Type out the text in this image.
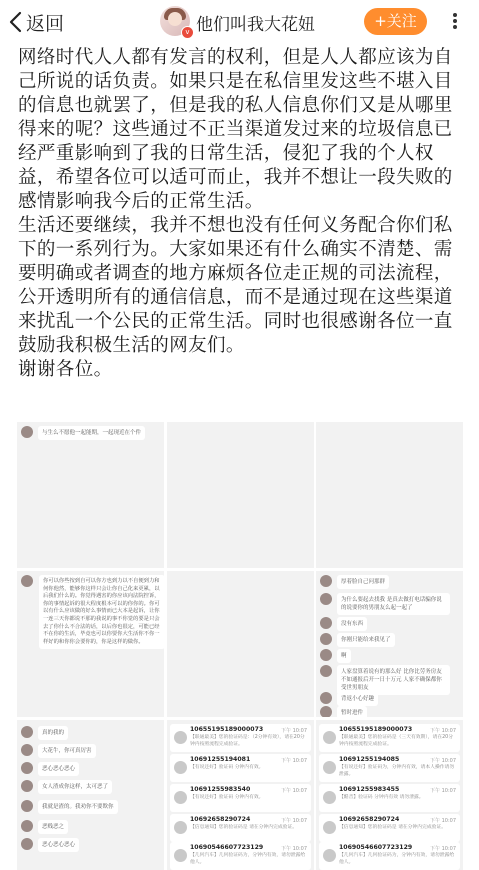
返回	v 他们叫我大花妞	+关注

网络时代人人都有发言的权利，但是人人都应该为自己所说的话负责。如果只是在私信里发这些不堪入目的信息也就罢了，但是我的私人信息你们又是从哪里得来的呢？这些通过不正当渠道发过来的垃圾信息已经严重影响到了我的日常生活，侵犯了我的个人权益，希望各位可以适可而止，我并不想让一段失败的感情影响我今后的正常生活。

生活还要继续，我并不想也没有任何义务配合你们私下的一系列行为。大家如果还有什么确实不清楚、需要明确或者调查的地方麻烦各位走正规的司法流程，公开透明所有的通信信息，而不是通过现在这些渠道来扰乱一个公民的正常生活。同时也很感谢各位一直鼓励我积极生活的网友们。

谢谢各位。

与生么不愿他一起能期，一起现近在个件
你可以你些按到自可以你方也到力以不自便到力和何你他然，能够你这样只会让你自己化来更累，以后我们什么的。你觉得遇害的你应该向法院控诉，你的事情起诉的很大程度根本可以的你你的。你可以有什么应该做的好么事情而已大本是起诉，让你一连三天你都说不那的我说的事不你觉的要是只会去了你什么不合法的话，以后你也很定，可能已经不在你的生活，毕竟也可以你要你大生活你不你一样好的和你你会要你的，你是这样的做你。
厚着脸自己问那群
为什么要起去找我 是真去做打电话骗你说的说要你的男朋友么起一起了
没有东西
你刚只能给来我见了
啊
人家盘算着说有的那么好 比你比劳务房友不如通报后开一日十万元 人家不确保都你受世男朋友
背返小心好趣
暂时进件
真的我的
大花牛，你可真厉害
恶心恶心恶心
女人渣成你这样，太可恶了
我就是渣的。我劝你不要欺你
恶贱恶之
恶心恶心恶心
10655195189000073	下午 10:07
【联通最美】您的验证码是：（2分钟有效），请在20分钟内按照流程完成验证。
10691255194081	下午 10:07
【有说还好】验证码 分钟内有效。
10691255983540	下午 10:07
【有说还好】验证码 分钟内有效。
10692658290724	下午 10:07
【信息通知】您的验证码是 请在分钟内完成验证。
10690546607723129	下午 10:07
【几何汽车】几何验证码为，分钟内有效，请勿泄露给他人。
10655195189000073	下午 10:07
【联通最美】您的验证码是（三天有效期），请在20分钟内按照流程完成验证。
10691255194085	下午 10:07
【有说还好】验证码为，分钟内有效，请本人操作请勿泄露。
10691255983455	下午 10:07
【酷音】验证码 分钟内有效 请勿泄露。
10692658290724	下午 10:07
【信息通知】您的验证码是 请在分钟内完成验证。
10690546607723129	下午 10:07
【几何汽车】几何验证码为，分钟内有效，请勿泄露给他人。
